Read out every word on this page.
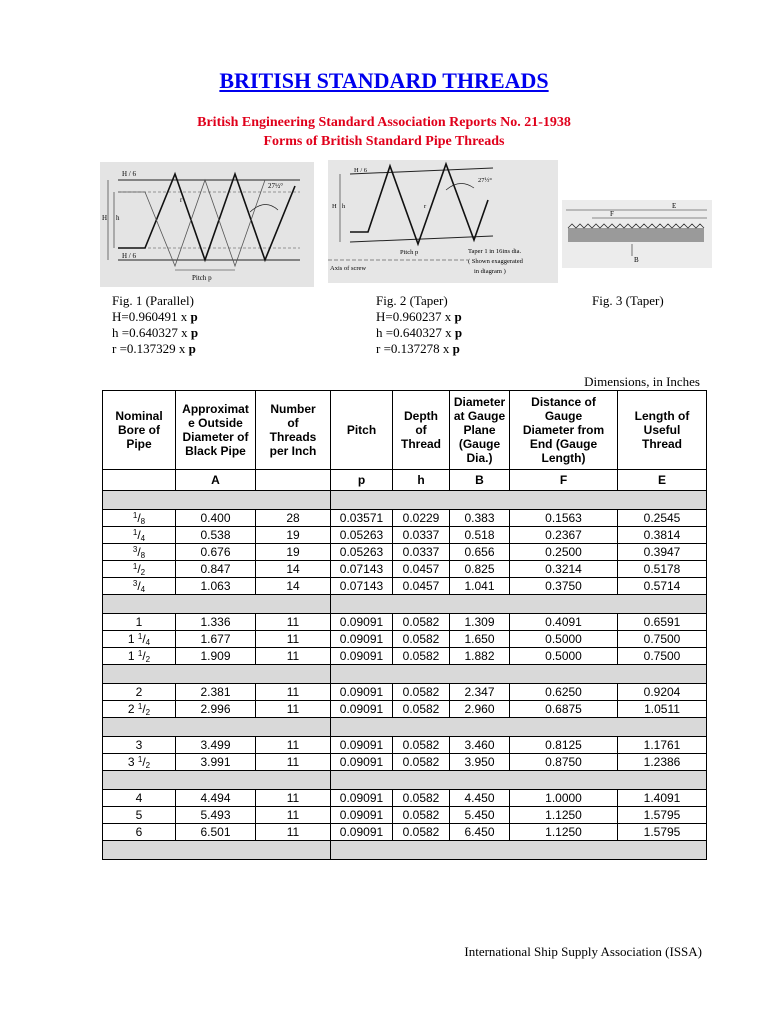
BRITISH STANDARD THREADS
British Engineering Standard Association Reports No. 21-1938
Forms of British Standard Pipe Threads
H / 6
H / 6
H h
r
27½°
Pitch p
H / 6
H h	r
27½°
Pitch p
Axis of screw
Taper 1 in 16ins dia.
( Shown exaggerated
in diagram )
E
F
B
Fig. 1 (Parallel)
H=0.960491 x p
h =0.640327 x p
r =0.137329 x p
Fig. 2 (Taper)
H=0.960237 x p
h =0.640327 x p
r =0.137278 x p
Fig. 3 (Taper)
Dimensions, in Inches
Nominal
Bore of
Pipe	Approximat
e Outside
Diameter of
Black Pipe	Number
of
Threads
per Inch	Pitch	Depth
of
Thread	Diameter
at Gauge
Plane
(Gauge
Dia.)	Distance of
Gauge
Diameter from
End (Gauge
Length)	Length of
Useful
Thread
	A		p	h	B	F	E

$^1/_8$	0.400	28	0.03571	0.0229	0.383	0.1563	0.2545
$^1/_4$	0.538	19	0.05263	0.0337	0.518	0.2367	0.3814
$^3/_8$	0.676	19	0.05263	0.0337	0.656	0.2500	0.3947
$^1/_2$	0.847	14	0.07143	0.0457	0.825	0.3214	0.5178
$^3/_4$	1.063	14	0.07143	0.0457	1.041	0.3750	0.5714

1	1.336	11	0.09091	0.0582	1.309	0.4091	0.6591
1 $^1/_4$	1.677	11	0.09091	0.0582	1.650	0.5000	0.7500
1 $^1/_2$	1.909	11	0.09091	0.0582	1.882	0.5000	0.7500

2	2.381	11	0.09091	0.0582	2.347	0.6250	0.9204
2 $^1/_2$	2.996	11	0.09091	0.0582	2.960	0.6875	1.0511

3	3.499	11	0.09091	0.0582	3.460	0.8125	1.1761
3 $^1/_2$	3.991	11	0.09091	0.0582	3.950	0.8750	1.2386

4	4.494	11	0.09091	0.0582	4.450	1.0000	1.4091
5	5.493	11	0.09091	0.0582	5.450	1.1250	1.5795
6	6.501	11	0.09091	0.0582	6.450	1.1250	1.5795

International Ship Supply Association (ISSA)
